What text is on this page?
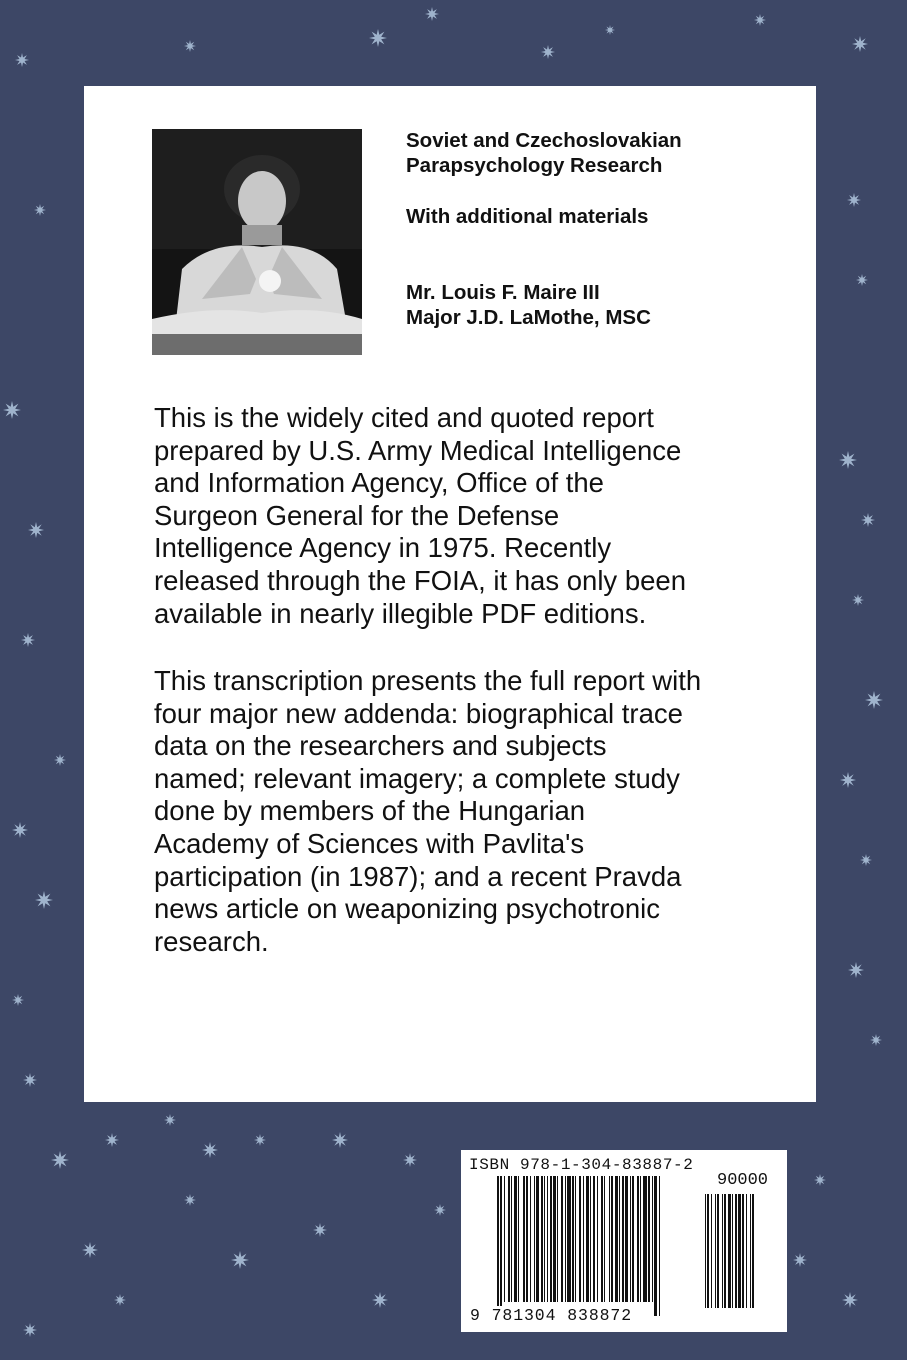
Soviet and Czechoslovakian
Parapsychology Research
With additional materials
Mr. Louis F. Maire III
Major J.D. LaMothe, MSC
This is the widely cited and quoted report
prepared by U.S. Army Medical Intelligence
and Information Agency, Office of the
Surgeon General for the Defense
Intelligence Agency in 1975. Recently
released through the FOIA, it has only been
available in nearly illegible PDF editions.
This transcription presents the full report with
four major new addenda: biographical trace
data on the researchers and subjects
named; relevant imagery; a complete study
done by members of the Hungarian
Academy of Sciences with Pavlita's
participation (in 1987); and a recent Pravda
news article on weaponizing psychotronic
research.
ISBN 978-1-304-83887-2
90000
9 781304 838872
